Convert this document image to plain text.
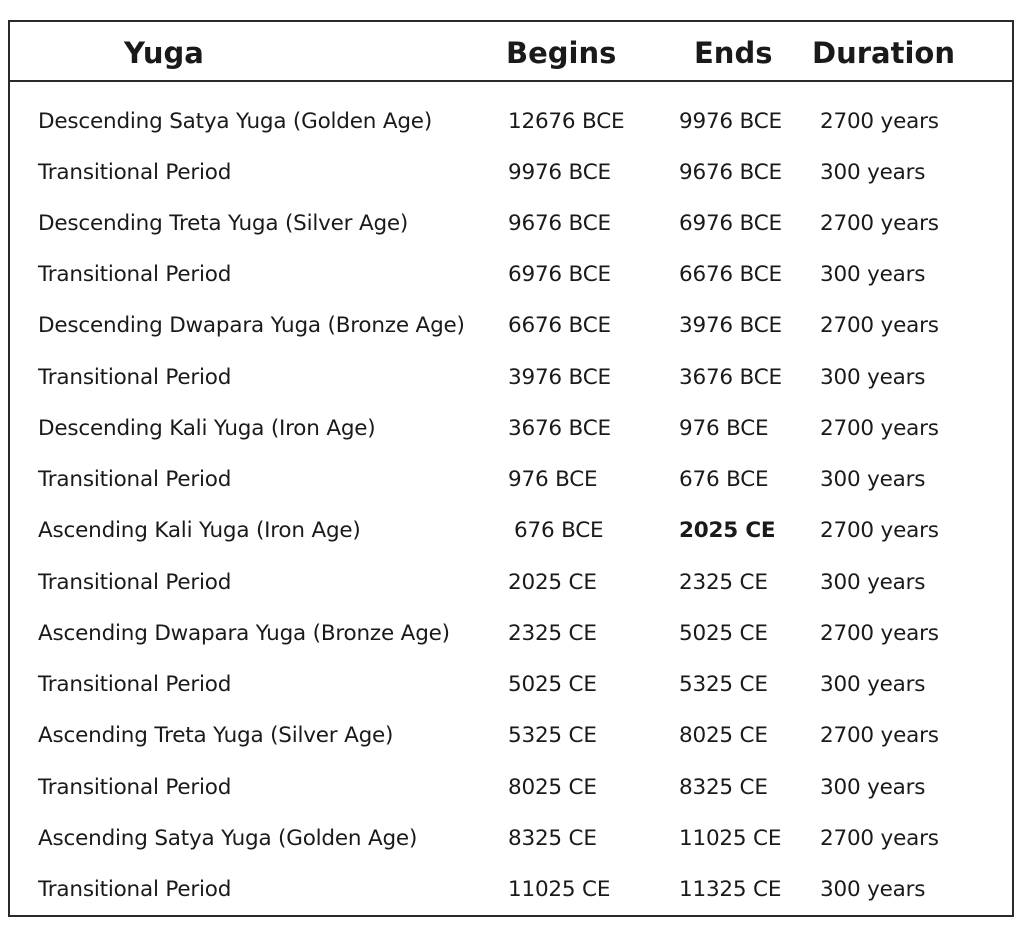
Yuga	Begins	Ends Duration
Descending Satya Yuga (Golden Age)	12676 BCE	9976 BCE 2700 years
Transitional Period	9976 BCE	9676 BCE 300 years
Descending Treta Yuga (Silver Age)	9676 BCE	6976 BCE 2700 years
Transitional Period	6976 BCE	6676 BCE 300 years
Descending Dwapara Yuga (Bronze Age) 6676 BCE	3976 BCE 2700 years
Transitional Period	3976 BCE	3676 BCE 300 years
Descending Kali Yuga (Iron Age)	3676 BCE	976 BCE 2700 years
Transitional Period	976 BCE	676 BCE 300 years
Ascending Kali Yuga (Iron Age)	676 BCE	2025 CE 2700 years
Transitional Period	2025 CE	2325 CE 300 years
Ascending Dwapara Yuga (Bronze Age)	2325 CE	5025 CE 2700 years
Transitional Period	5025 CE	5325 CE 300 years
Ascending Treta Yuga (Silver Age)	5325 CE	8025 CE 2700 years
Transitional Period	8025 CE	8325 CE 300 years
Ascending Satya Yuga (Golden Age)	8325 CE	11025 CE 2700 years
Transitional Period	11025 CE	11325 CE 300 years
